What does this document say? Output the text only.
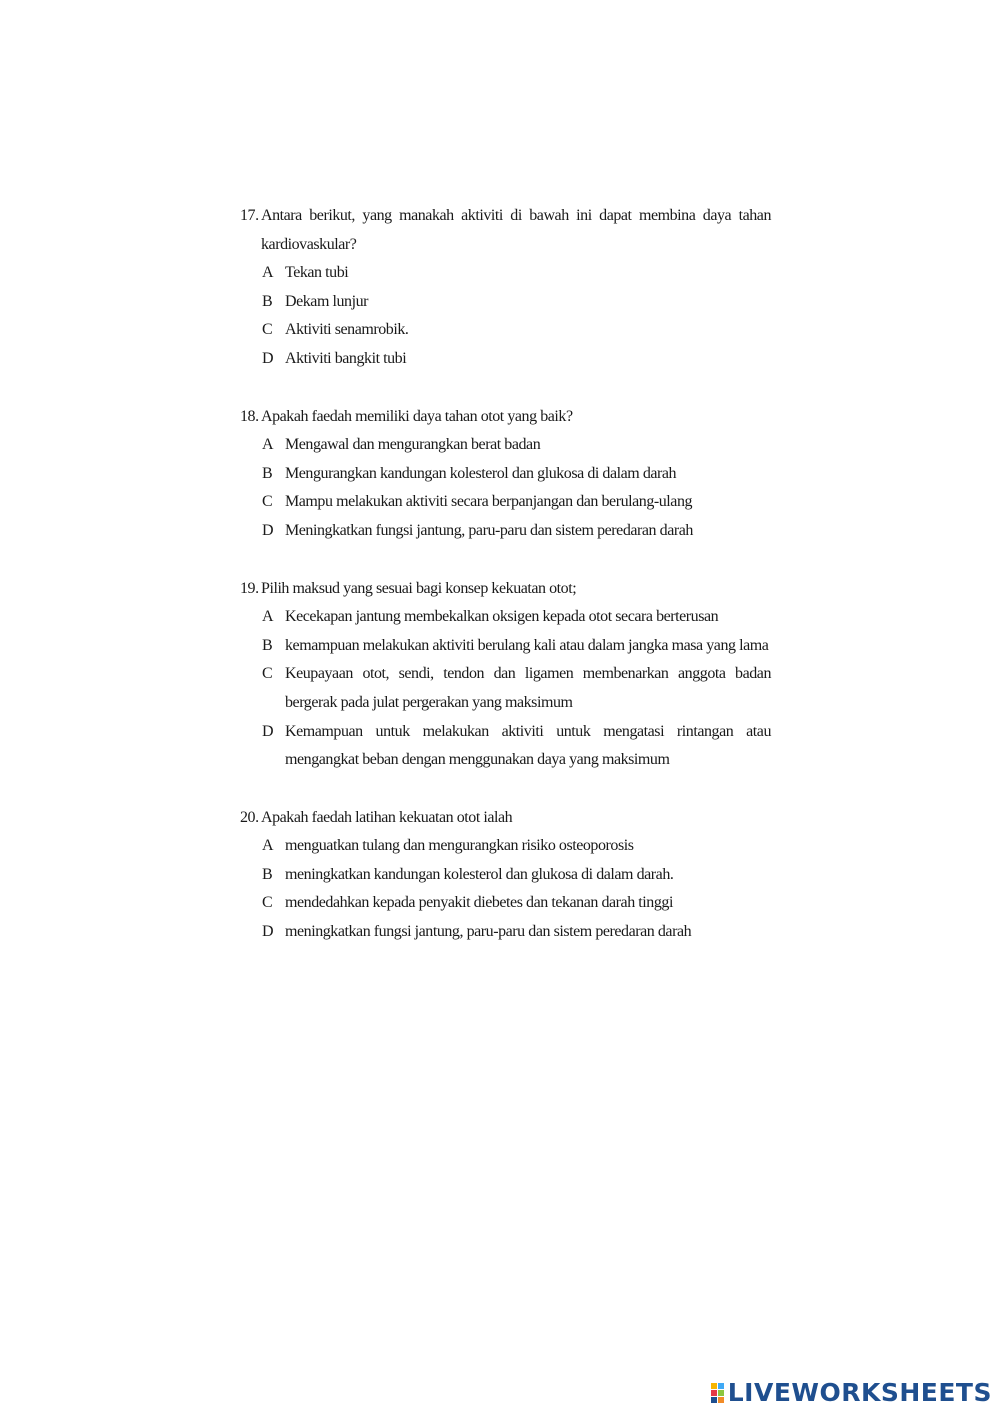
17. Antara berikut, yang manakah aktiviti di bawah ini dapat membina daya tahan kardiovaskular?
A Tekan tubi
B Dekam lunjur
C Aktiviti senamrobik.
D Aktiviti bangkit tubi
18. Apakah faedah memiliki daya tahan otot yang baik?
A Mengawal dan mengurangkan berat badan
B Mengurangkan kandungan kolesterol dan glukosa di dalam darah
C Mampu melakukan aktiviti secara berpanjangan dan berulang-ulang
D Meningkatkan fungsi jantung, paru-paru dan sistem peredaran darah
19. Pilih maksud yang sesuai bagi konsep kekuatan otot;
A Kecekapan jantung membekalkan oksigen kepada otot secara berterusan
B kemampuan melakukan aktiviti berulang kali atau dalam jangka masa yang lama
C Keupayaan otot, sendi, tendon dan ligamen membenarkan anggota badan bergerak pada julat pergerakan yang maksimum
D Kemampuan untuk melakukan aktiviti untuk mengatasi rintangan atau mengangkat beban dengan menggunakan daya yang maksimum
20. Apakah faedah latihan kekuatan otot ialah
A menguatkan tulang dan mengurangkan risiko osteoporosis
B meningkatkan kandungan kolesterol dan glukosa di dalam darah.
C mendedahkan kepada penyakit diebetes dan tekanan darah tinggi
D meningkatkan fungsi jantung, paru-paru dan sistem peredaran darah
LIVEWORKSHEETS
